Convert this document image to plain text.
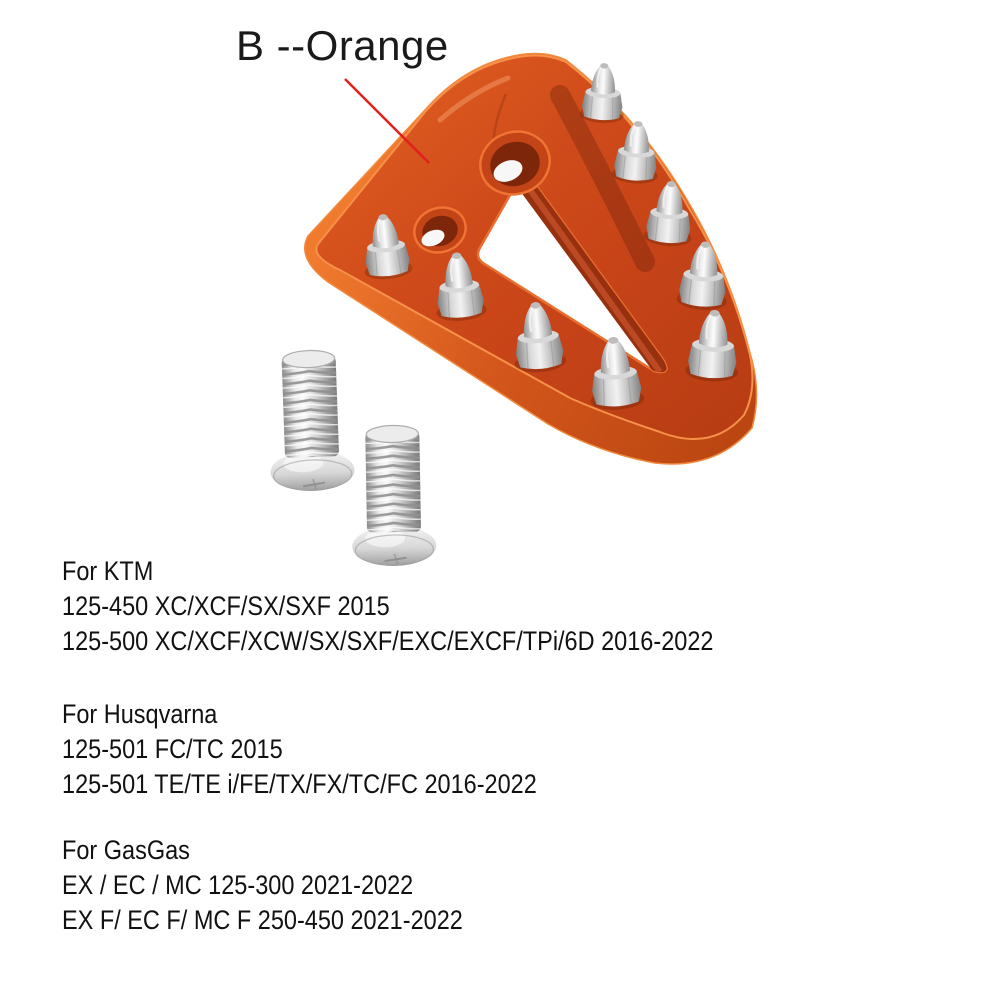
B --Orange
For KTM
125-450 XC/XCF/SX/SXF 2015
125-500 XC/XCF/XCW/SX/SXF/EXC/EXCF/TPi/6D 2016-2022
For Husqvarna
125-501 FC/TC 2015
125-501 TE/TE i/FE/TX/FX/TC/FC 2016-2022
For GasGas
EX / EC / MC 125-300 2021-2022
EX F/ EC F/ MC F 250-450 2021-2022
